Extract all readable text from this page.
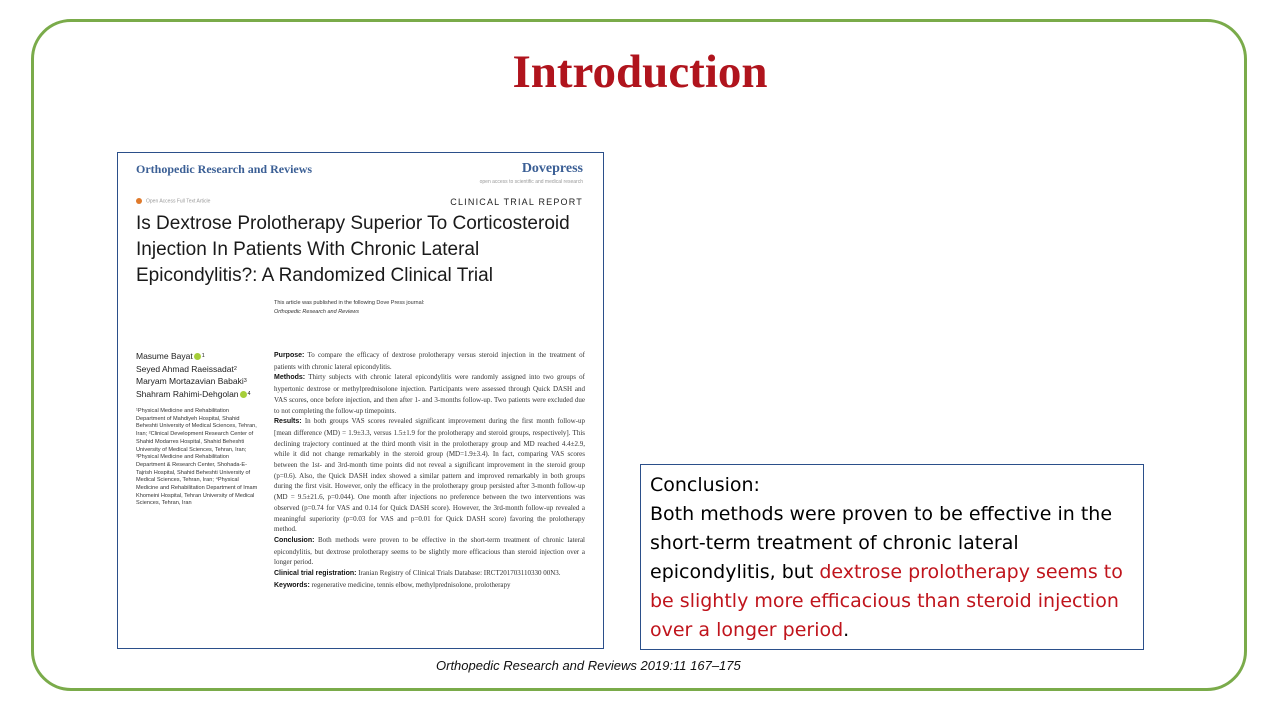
Introduction
Orthopedic Research and Reviews	Dovepress
open access to scientific and medical research
Open Access Full Text Article	CLINICAL TRIAL REPORT
Is Dextrose Prolotherapy Superior To Corticosteroid Injection In Patients With Chronic Lateral Epicondylitis?: A Randomized Clinical Trial
This article was published in the following Dove Press journal:
Orthopedic Research and Reviews
Masume Bayat $^1$
Seyed Ahmad Raeissadat$^2$
Maryam Mortazavian Babaki$^3$
Shahram Rahimi-Dehgolan $^4$
¹Physical Medicine and Rehabilitation Department of Mahdiyeh Hospital, Shahid Beheshti University of Medical Sciences, Tehran, Iran; ²Clinical Development Research Center of Shahid Modarres Hospital, Shahid Beheshti University of Medical Sciences, Tehran, Iran; ³Physical Medicine and Rehabilitation Department & Research Center, Shohada-E-Tajrish Hospital, Shahid Beheshti University of Medical Sciences, Tehran, Iran; ⁴Physical Medicine and Rehabilitation Department of Imam Khomeini Hospital, Tehran University of Medical Sciences, Tehran, Iran

Purpose: To compare the efficacy of dextrose prolotherapy versus steroid injection in the treatment of patients with chronic lateral epicondylitis.

Methods: Thirty subjects with chronic lateral epicondylitis were randomly assigned into two groups of hypertonic dextrose or methylprednisolone injection. Participants were assessed through Quick DASH and VAS scores, once before injection, and then after 1- and 3-months follow-up. Two patients were excluded due to not completing the follow-up timepoints.

Results: In both groups VAS scores revealed significant improvement during the first month follow-up [mean difference (MD) = 1.9±3.3, versus 1.5±1.9 for the prolotherapy and steroid groups, respectively]. This declining trajectory continued at the third month visit in the prolotherapy group and MD reached 4.4±2.9, while it did not change remarkably in the steroid group (MD=1.9±3.4). In fact, comparing VAS scores between the 1st- and 3rd-month time points did not reveal a significant improvement in the steroid group (p=0.6). Also, the Quick DASH index showed a similar pattern and improved remarkably in both groups during the first visit. However, only the efficacy in the prolotherapy group persisted after 3-month follow-up (MD = 9.5±21.6, p=0.044). One month after injections no preference between the two interventions was observed (p=0.74 for VAS and 0.14 for Quick DASH score). However, the 3rd-month follow-up revealed a meaningful superiority (p=0.03 for VAS and p=0.01 for Quick DASH score) favoring the prolotherapy method.

Conclusion: Both methods were proven to be effective in the short-term treatment of chronic lateral epicondylitis, but dextrose prolotherapy seems to be slightly more efficacious than steroid injection over a longer period.

Clinical trial registration: Iranian Registry of Clinical Trials Database: IRCT201703110330 00N3.

Keywords: regenerative medicine, tennis elbow, methylprednisolone, prolotherapy

Conclusion:
Both methods were proven to be effective in the short-term treatment of chronic lateral epicondylitis, but dextrose prolotherapy seems to be slightly more efficacious than steroid injection over a longer period.
Orthopedic Research and Reviews 2019:11 167–175
